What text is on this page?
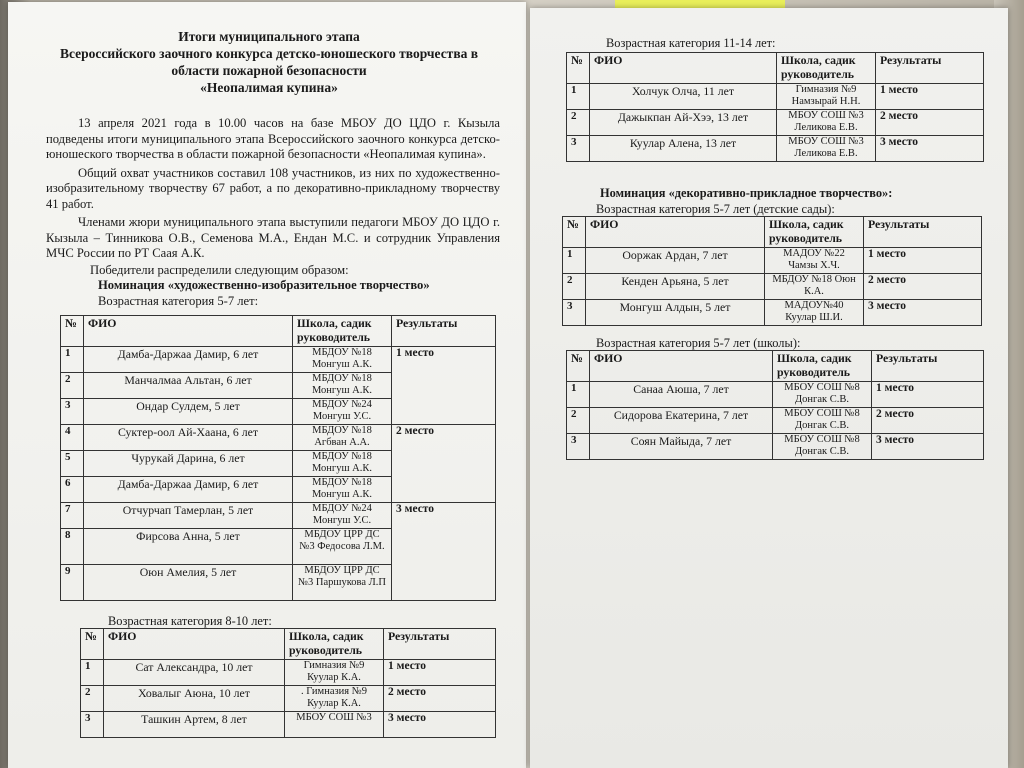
Итоги муниципального этапа
Всероссийского заочного конкурса детско-юношеского творчества в
области пожарной безопасности
«Неопалимая купина»

13 апреля 2021 года в 10.00 часов на базе МБОУ ДО ЦДО г. Кызыла подведены итоги муниципального этапа Всероссийского заочного конкурса детско-юношеского творчества в области пожарной безопасности «Неопалимая купина».

Общий охват участников составил 108 участников, из них по художественно-изобразительному творчеству 67 работ, а по декоративно-прикладному творчеству 41 работ.

Членами жюри муниципального этапа выступили педагоги МБОУ ДО ЦДО г. Кызыла – Тинникова О.В., Семенова М.А., Ендан М.С. и сотрудник Управления МЧС России по РТ Саая А.К.

Победители распределили следующим образом:

Номинация «художественно-изобразительное творчество»

Возрастная категория 5-7 лет:

№	ФИО	Школа, садик руководитель	Результаты
1	Дамба-Даржаа Дамир, 6 лет	МБДОУ №18 Монгуш А.К.	1 место
2	Манчалмаа Альтан, 6 лет	МБДОУ №18 Монгуш А.К.	
3	Ондар Сулдем, 5 лет	МБДОУ №24 Монгуш У.С.	
4	Суктер-оол Ай-Хаана, 6 лет	МБДОУ №18 Агбван А.А.	2 место
5	Чурукай Дарина, 6 лет	МБДОУ №18 Монгуш А.К.	
6	Дамба-Даржаа Дамир, 6 лет	МБДОУ №18 Монгуш А.К.	
7	Отчурчап Тамерлан, 5 лет	МБДОУ №24 Монгуш У.С.	3 место
8	Фирсова Анна, 5 лет	МБДОУ ЦРР ДС №3 Федосова Л.М.	
9	Оюн Амелия, 5 лет	МБДОУ ЦРР ДС №3 Паршукова Л.П	
Возрастная категория 8-10 лет:
№	ФИО	Школа, садик руководитель	Результаты
1	Сат Александра, 10 лет	Гимназия №9 Куулар К.А.	1 место
2	Ховалыг Аюна, 10 лет	. Гимназия №9 Куулар К.А.	2 место
3	Ташкин Артем, 8 лет	МБОУ СОШ №3	3 место
Возрастная категория 11-14 лет:
№	ФИО	Школа, садик руководитель	Результаты
1	Холчук Олча, 11 лет	Гимназия №9 Намзырай Н.Н.	1 место
2	Дажыкпан Ай-Хээ, 13 лет	МБОУ СОШ №3 Леликова Е.В.	2 место
3	Куулар Алена, 13 лет	МБОУ СОШ №3 Леликова Е.В.	3 место
Номинация «декоративно-прикладное творчество»:
Возрастная категория 5-7 лет (детские сады):
№	ФИО	Школа, садик руководитель	Результаты
1	Ооржак Ардан, 7 лет	МАДОУ №22 Чамзы Х.Ч.	1 место
2	Кенден Арьяна, 5 лет	МБДОУ №18 Оюн К.А.	2 место
3	Монгуш Алдын, 5 лет	МАДОУ№40 Куулар Ш.И.	3 место
Возрастная категория 5-7 лет (школы):
№	ФИО	Школа, садик руководитель	Результаты
1	Санаа Аюша, 7 лет	МБОУ СОШ №8 Донгак С.В.	1 место
2	Сидорова Екатерина, 7 лет	МБОУ СОШ №8 Донгак С.В.	2 место
3	Соян Майыда, 7 лет	МБОУ СОШ №8 Донгак С.В.	3 место
